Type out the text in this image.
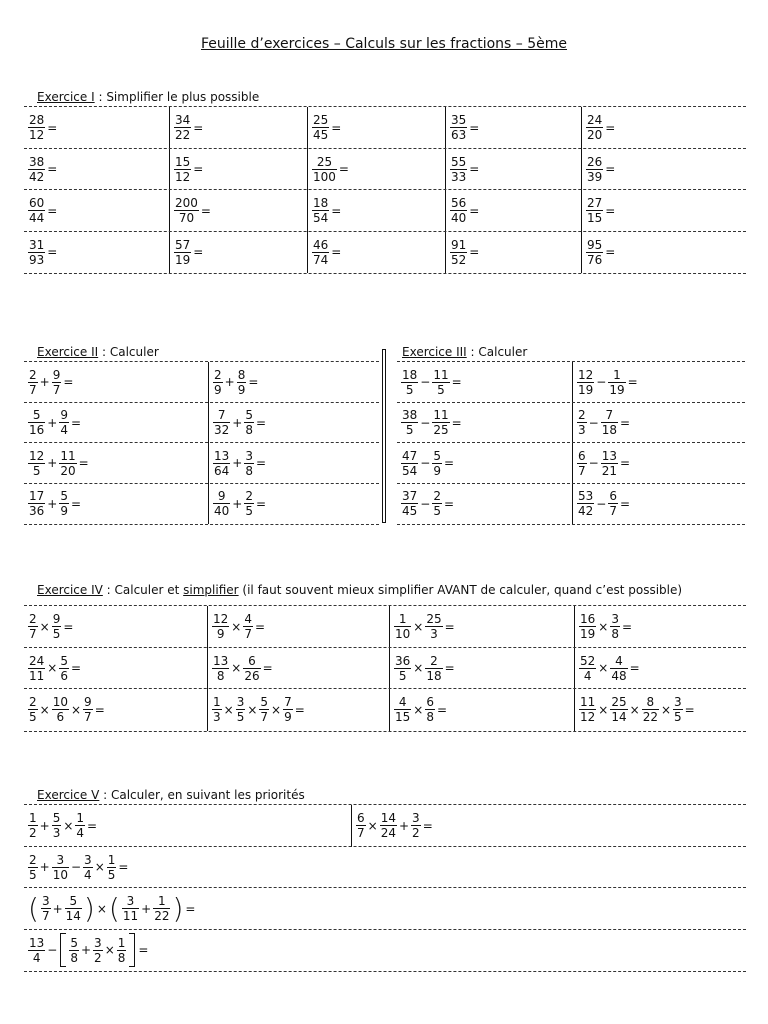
Feuille d’exercices – Calculs sur les fractions – 5ème
Exercice I : Simplifier le plus possible
$\frac{28}{12}$ =	$\frac{34}{22}$ =	$\frac{25}{45}$ =	$\frac{35}{63}$ =	$\frac{24}{20}$ =
$\frac{38}{42}$ =	$\frac{15}{12}$ =	$\frac{25}{100}$ =	$\frac{55}{33}$ =	$\frac{26}{39}$ =
$\frac{60}{44}$ =	$\frac{200}{70}$ =	$\frac{18}{54}$ =	$\frac{56}{40}$ =	$\frac{27}{15}$ =
$\frac{31}{93}$ =	$\frac{57}{19}$ =	$\frac{46}{74}$ =	$\frac{91}{52}$ =	$\frac{95}{76}$ =
Exercice II : Calculer
$\frac{2}{7} + \frac{9}{7}$ =	$\frac{2}{9} + \frac{8}{9}$ =
$\frac{5}{16} + \frac{9}{4}$ =	$\frac{7}{32} + \frac{5}{8}$ =
$\frac{12}{5} + \frac{11}{20}$ =	$\frac{13}{64} + \frac{3}{8}$ =
$\frac{17}{36} + \frac{5}{9}$ =	$\frac{9}{40} + \frac{2}{5}$ =
Exercice III : Calculer
$\frac{18}{5} - \frac{11}{5}$ =	$\frac{12}{19} - \frac{1}{19}$ =
$\frac{38}{5} - \frac{11}{25}$ =	$\frac{2}{3} - \frac{7}{18}$ =
$\frac{47}{54} - \frac{5}{9}$ =	$\frac{6}{7} - \frac{13}{21}$ =
$\frac{37}{45} - \frac{2}{5}$ =	$\frac{53}{42} - \frac{6}{7}$ =
Exercice IV : Calculer et simplifier (il faut souvent mieux simplifier AVANT de calculer, quand c’est possible)
$\frac{2}{7} \times \frac{9}{5}$ =	$\frac{12}{9} \times \frac{4}{7}$ =	$\frac{1}{10} \times \frac{25}{3}$ =	$\frac{16}{19} \times \frac{3}{8}$ =
$\frac{24}{11} \times \frac{5}{6}$ =	$\frac{13}{8} \times \frac{6}{26}$ =	$\frac{36}{5} \times \frac{2}{18}$ =	$\frac{52}{4} \times \frac{4}{48}$ =
$\frac{2}{5} \times \frac{10}{6} \times \frac{9}{7}$ =	$\frac{1}{3} \times \frac{3}{5} \times \frac{5}{7} \times \frac{7}{9}$ =	$\frac{4}{15} \times \frac{6}{8}$ =	$\frac{11}{12} \times \frac{25}{14} \times \frac{8}{22} \times \frac{3}{5}$ =
Exercice V : Calculer, en suivant les priorités
$\frac{1}{2} + \frac{5}{3} \times \frac{1}{4}$ =	$\frac{6}{7} \times \frac{14}{24} + \frac{3}{2}$ =
$\frac{2}{5} + \frac{3}{10} - \frac{3}{4} \times \frac{1}{5}$ =
( $\frac{3}{7} + \frac{5}{14}$ ) × ( $\frac{3}{11} + \frac{1}{22}$ ) =
$\frac{13}{4} - \frac{5}{8} + \frac{3}{2} \times \frac{1}{8}$ =
